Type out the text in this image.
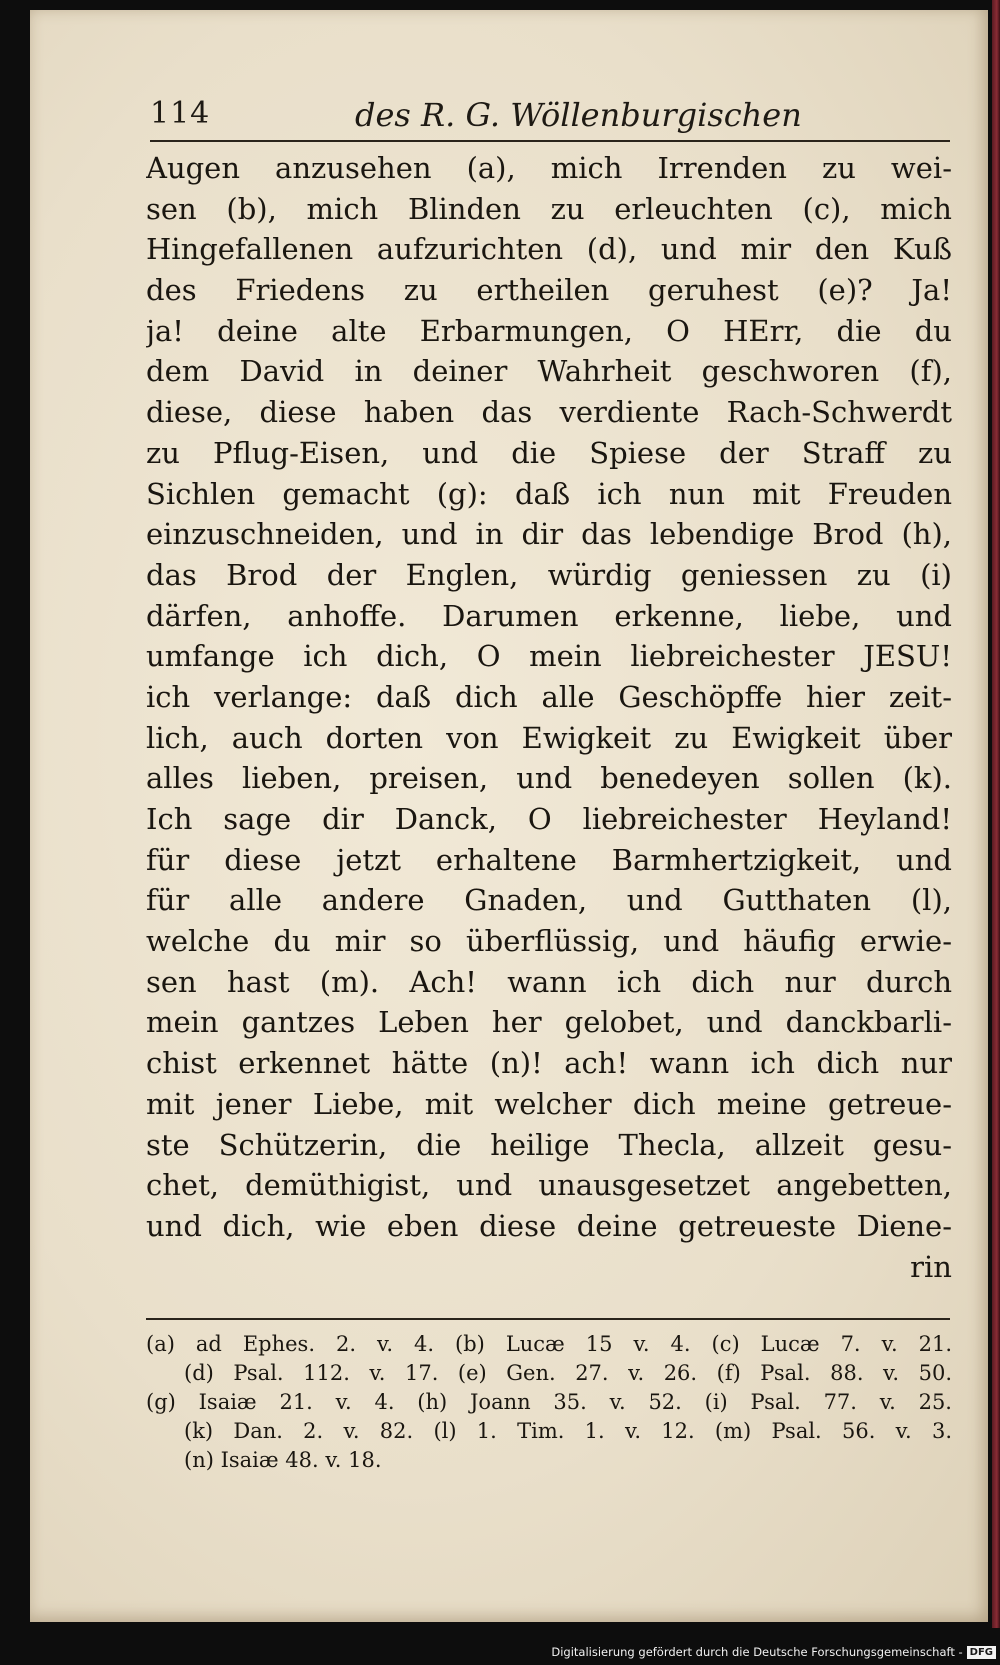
114	des R. G. Wöllenburgischen
Augen anzusehen (a), mich Irrenden zu wei-
sen (b), mich Blinden zu erleuchten (c), mich
Hingefallenen aufzurichten (d), und mir den Kuß
des Friedens zu ertheilen geruhest (e)? Ja!
ja! deine alte Erbarmungen, O HErr, die du
dem David in deiner Wahrheit geschworen (f),
diese, diese haben das verdiente Rach-Schwerdt
zu Pflug-Eisen, und die Spiese der Straff zu
Sichlen gemacht (g): daß ich nun mit Freuden
einzuschneiden, und in dir das lebendige Brod (h),
das Brod der Englen, würdig geniessen zu (i)
därfen, anhoffe. Darumen erkenne, liebe, und
umfange ich dich, O mein liebreichester JESU!
ich verlange: daß dich alle Geschöpffe hier zeit-
lich, auch dorten von Ewigkeit zu Ewigkeit über
alles lieben, preisen, und benedeyen sollen (k).
Ich sage dir Danck, O liebreichester Heyland!
für diese jetzt erhaltene Barmhertzigkeit, und
für alle andere Gnaden, und Gutthaten (l),
welche du mir so überflüssig, und häufig erwie-
sen hast (m). Ach! wann ich dich nur durch
mein gantzes Leben her gelobet, und danckbarli-
chist erkennet hätte (n)! ach! wann ich dich nur
mit jener Liebe, mit welcher dich meine getreue-
ste Schützerin, die heilige Thecla, allzeit gesu-
chet, demüthigist, und unausgesetzet angebetten,
und dich, wie eben diese deine getreueste Diene-
rin
(a) ad Ephes. 2. v. 4. (b) Lucæ 15 v. 4. (c) Lucæ 7. v. 21.
(d) Psal. 112. v. 17. (e) Gen. 27. v. 26. (f) Psal. 88. v. 50.
(g) Isaiæ 21. v. 4. (h) Joann 35. v. 52. (i) Psal. 77. v. 25.
(k) Dan. 2. v. 82. (l) 1. Tim. 1. v. 12. (m) Psal. 56. v. 3.
(n) Isaiæ 48. v. 18.
Digitalisierung gefördert durch die Deutsche Forschungsgemeinschaft - DFG
